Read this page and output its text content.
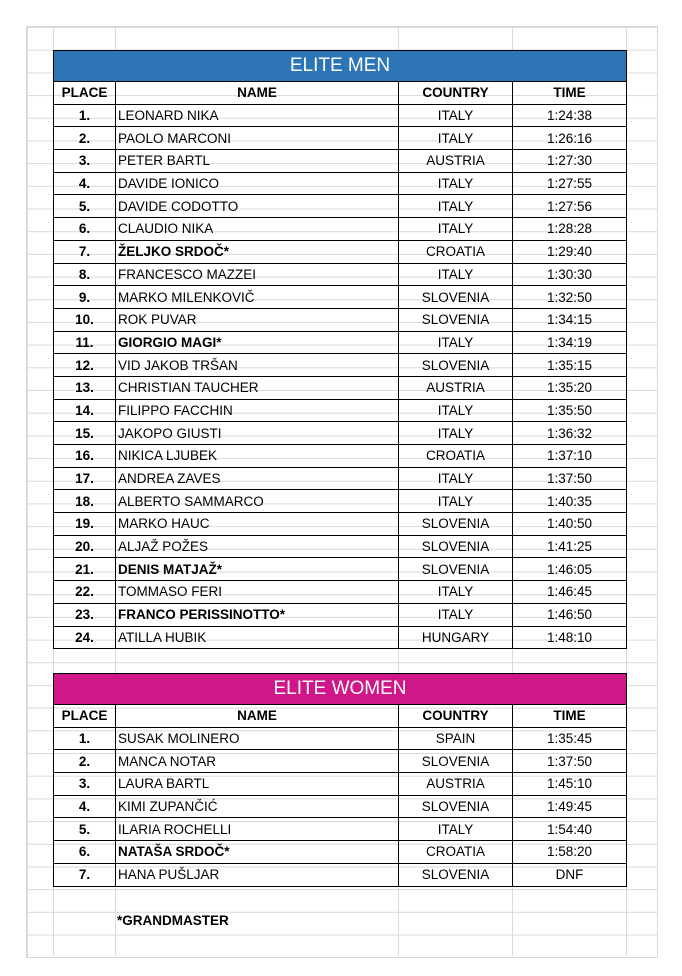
ELITE MEN			
PLACE	NAME	COUNTRY	TIME
1.	LEONARD NIKA	ITALY	1:24:38
2.	PAOLO MARCONI	ITALY	1:26:16
3.	PETER BARTL	AUSTRIA	1:27:30
4.	DAVIDE IONICO	ITALY	1:27:55
5.	DAVIDE CODOTTO	ITALY	1:27:56
6.	CLAUDIO NIKA	ITALY	1:28:28
7.	ŽELJKO SRDOČ*	CROATIA	1:29:40
8.	FRANCESCO MAZZEI	ITALY	1:30:30
9.	MARKO MILENKOVIČ	SLOVENIA	1:32:50
10.	ROK PUVAR	SLOVENIA	1:34:15
11.	GIORGIO MAGI*	ITALY	1:34:19
12.	VID JAKOB TRŠAN	SLOVENIA	1:35:15
13.	CHRISTIAN TAUCHER	AUSTRIA	1:35:20
14.	FILIPPO FACCHIN	ITALY	1:35:50
15.	JAKOPO GIUSTI	ITALY	1:36:32
16.	NIKICA LJUBEK	CROATIA	1:37:10
17.	ANDREA ZAVES	ITALY	1:37:50
18.	ALBERTO SAMMARCO	ITALY	1:40:35
19.	MARKO HAUC	SLOVENIA	1:40:50
20.	ALJAŽ POŽES	SLOVENIA	1:41:25
21.	DENIS MATJAŽ*	SLOVENIA	1:46:05
22.	TOMMASO FERI	ITALY	1:46:45
23.	FRANCO PERISSINOTTO*	ITALY	1:46:50
24.	ATILLA HUBIK	HUNGARY	1:48:10
ELITE WOMEN			
PLACE	NAME	COUNTRY	TIME
1.	SUSAK MOLINERO	SPAIN	1:35:45
2.	MANCA NOTAR	SLOVENIA	1:37:50
3.	LAURA BARTL	AUSTRIA	1:45:10
4.	KIMI ZUPANČIĆ	SLOVENIA	1:49:45
5.	ILARIA ROCHELLI	ITALY	1:54:40
6.	NATAŠA SRDOČ*	CROATIA	1:58:20
7.	HANA PUŠLJAR	SLOVENIA	DNF
*GRANDMASTER
